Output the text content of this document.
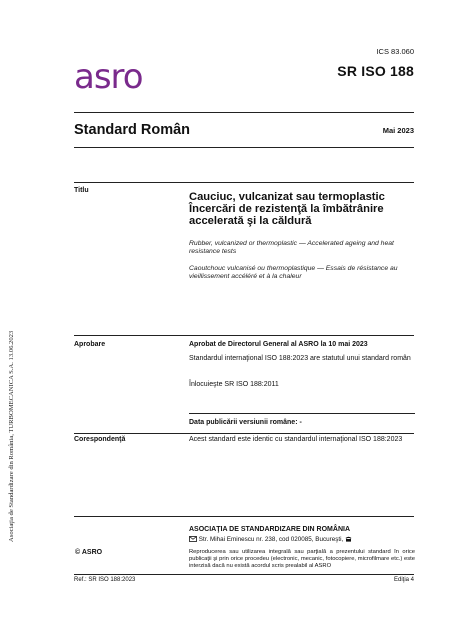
Asociaţia de Standardizare din România, TURBOMECANICA S.A. 13.06.2023
asro
ICS 83.060
SR ISO 188
Standard Român	Mai 2023
Titlu
Cauciuc, vulcanizat sau termoplastic
Încercări de rezistenţă la îmbătrânire
accelerată şi la căldură
Rubber, vulcanized or thermoplastic — Accelerated ageing and heat resistance tests
Caoutchouc vulcanisé ou thermoplastique — Essais de résistance au vieillissement accéléré et à la chaleur
Aprobare	Aprobat de Directorul General al ASRO la 10 mai 2023
Standardul internaţional ISO 188:2023 are statutul unui standard român
Înlocuieşte SR ISO 188:2011
Data publicării versiunii române: -
Corespondenţă	Acest standard este identic cu standardul internaţional ISO 188:2023
ASOCIAŢIA DE STANDARDIZARE DIN ROMÂNIA
Str. Mihai Eminescu nr. 238, cod 020085, Bucureşti,
© ASRO	Reproducerea sau utilizarea integrală sau parţială a prezentului standard în orice publicaţii şi prin orice procedeu (electronic, mecanic, fotocopiere, microfilmare etc.) este interzisă dacă nu există acordul scris prealabil al ASRO
Ref.: SR ISO 188:2023	Ediţia 4
